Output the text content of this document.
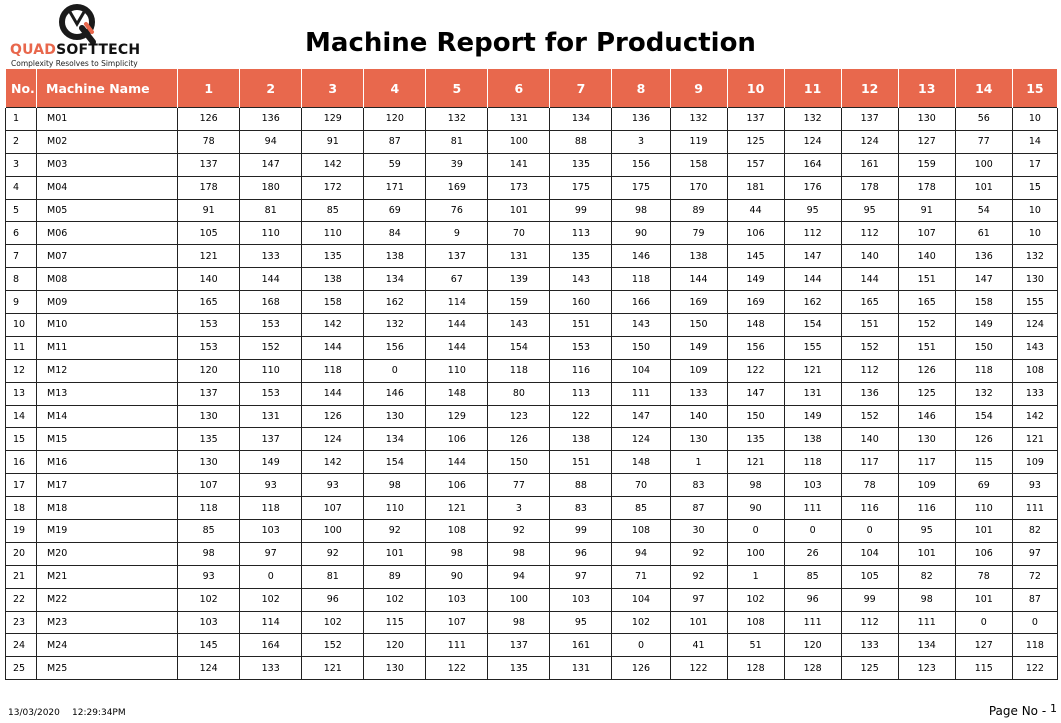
QUADSOFTTECH
Complexity Resolves to Simplicity
Machine Report for Production
No.	Machine Name	1	2	3	4	5	6	7	8	9	10	11	12	13	14	15
1	M01	126	136	129	120	132	131	134	136	132	137	132	137	130	56	10
2	M02	78	94	91	87	81	100	88	3	119	125	124	124	127	77	14
3	M03	137	147	142	59	39	141	135	156	158	157	164	161	159	100	17
4	M04	178	180	172	171	169	173	175	175	170	181	176	178	178	101	15
5	M05	91	81	85	69	76	101	99	98	89	44	95	95	91	54	10
6	M06	105	110	110	84	9	70	113	90	79	106	112	112	107	61	10
7	M07	121	133	135	138	137	131	135	146	138	145	147	140	140	136	132
8	M08	140	144	138	134	67	139	143	118	144	149	144	144	151	147	130
9	M09	165	168	158	162	114	159	160	166	169	169	162	165	165	158	155
10	M10	153	153	142	132	144	143	151	143	150	148	154	151	152	149	124
11	M11	153	152	144	156	144	154	153	150	149	156	155	152	151	150	143
12	M12	120	110	118	0	110	118	116	104	109	122	121	112	126	118	108
13	M13	137	153	144	146	148	80	113	111	133	147	131	136	125	132	133
14	M14	130	131	126	130	129	123	122	147	140	150	149	152	146	154	142
15	M15	135	137	124	134	106	126	138	124	130	135	138	140	130	126	121
16	M16	130	149	142	154	144	150	151	148	1	121	118	117	117	115	109
17	M17	107	93	93	98	106	77	88	70	83	98	103	78	109	69	93
18	M18	118	118	107	110	121	3	83	85	87	90	111	116	116	110	111
19	M19	85	103	100	92	108	92	99	108	30	0	0	0	95	101	82
20	M20	98	97	92	101	98	98	96	94	92	100	26	104	101	106	97
21	M21	93	0	81	89	90	94	97	71	92	1	85	105	82	78	72
22	M22	102	102	96	102	103	100	103	104	97	102	96	99	98	101	87
23	M23	103	114	102	115	107	98	95	102	101	108	111	112	111	0	0
24	M24	145	164	152	120	111	137	161	0	41	51	120	133	134	127	118
25	M25	124	133	121	130	122	135	131	126	122	128	128	125	123	115	122
13/03/2020 12:29:34PM	Page No - 1
